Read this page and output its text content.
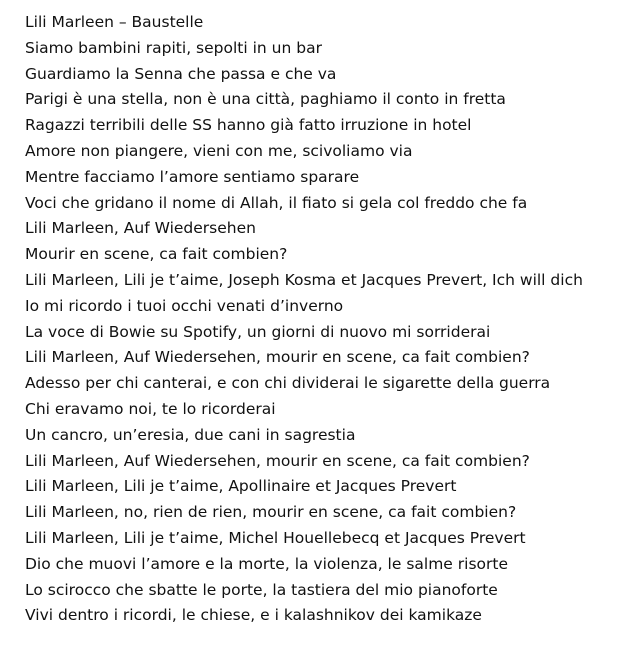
Lili Marleen – Baustelle
Siamo bambini rapiti, sepolti in un bar
Guardiamo la Senna che passa e che va
Parigi è una stella, non è una città, paghiamo il conto in fretta
Ragazzi terribili delle SS hanno già fatto irruzione in hotel
Amore non piangere, vieni con me, scivoliamo via
Mentre facciamo l’amore sentiamo sparare
Voci che gridano il nome di Allah, il fiato si gela col freddo che fa
Lili Marleen, Auf Wiedersehen
Mourir en scene, ca fait combien?
Lili Marleen, Lili je t’aime, Joseph Kosma et Jacques Prevert, Ich will dich
Io mi ricordo i tuoi occhi venati d’inverno
La voce di Bowie su Spotify, un giorni di nuovo mi sorriderai
Lili Marleen, Auf Wiedersehen, mourir en scene, ca fait combien?
Adesso per chi canterai, e con chi dividerai le sigarette della guerra
Chi eravamo noi, te lo ricorderai
Un cancro, un’eresia, due cani in sagrestia
Lili Marleen, Auf Wiedersehen, mourir en scene, ca fait combien?
Lili Marleen, Lili je t’aime, Apollinaire et Jacques Prevert
Lili Marleen, no, rien de rien, mourir en scene, ca fait combien?
Lili Marleen, Lili je t’aime, Michel Houellebecq et Jacques Prevert
Dio che muovi l’amore e la morte, la violenza, le salme risorte
Lo scirocco che sbatte le porte, la tastiera del mio pianoforte
Vivi dentro i ricordi, le chiese, e i kalashnikov dei kamikaze
